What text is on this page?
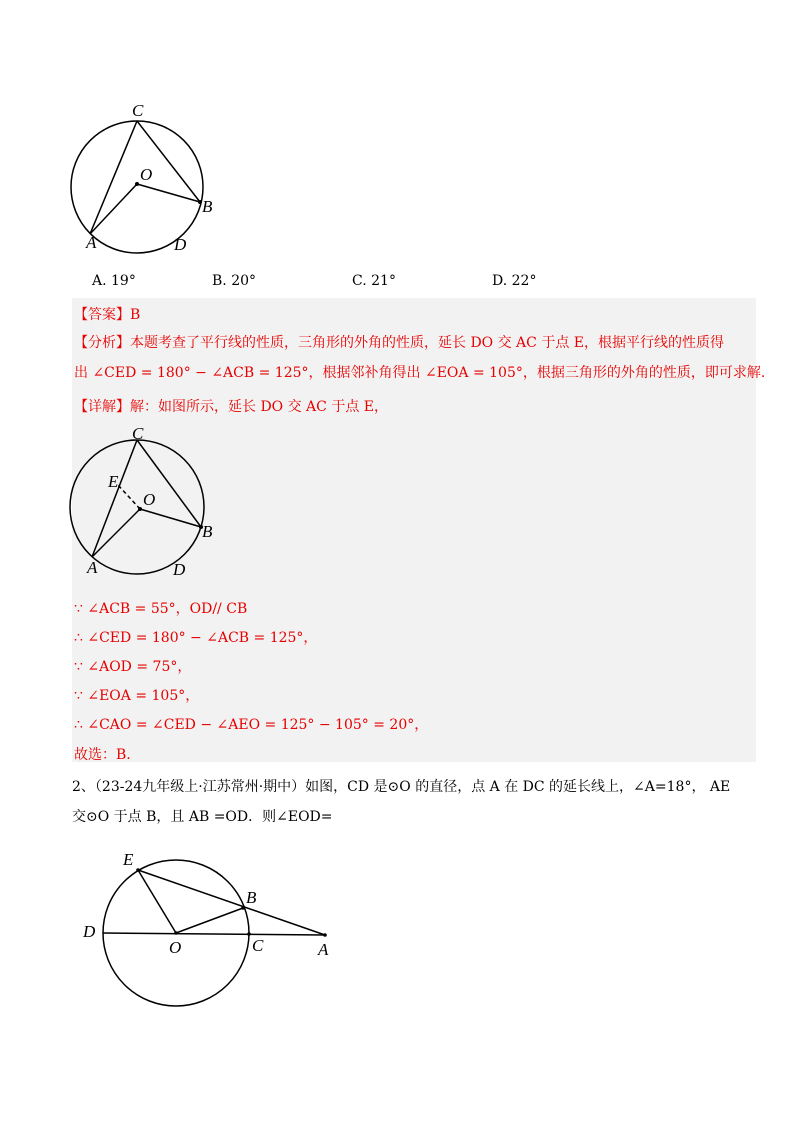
C
O
B
A	D
A. 19°	B. 20°	C. 21°	D. 22°
【答案】B
【分析】本题考查了平行线的性质，三角形的外角的性质，延长 DO 交 AC 于点 E，根据平行线的性质得
出 ∠CED = 180° − ∠ACB = 125°，根据邻补角得出 ∠EOA = 105°，根据三角形的外角的性质，即可求解.
【详解】解：如图所示，延长 DO 交 AC 于点 E，
C
E
O
B
A	D
∵ ∠ACB = 55°，OD// CB
∴ ∠CED = 180° − ∠ACB = 125°，
∵ ∠AOD = 75°，
∵ ∠EOA = 105°，
∴ ∠CAO = ∠CED − ∠AEO = 125° − 105° = 20°，
故选：B.
2、（23-24九年级上·江苏常州·期中）如图，CD 是⊙O 的直径，点 A 在 DC 的延长线上，∠A=18°， AE
交⊙O 于点 B，且 AB =OD．则∠EOD=
E
B
D
O	C	A
